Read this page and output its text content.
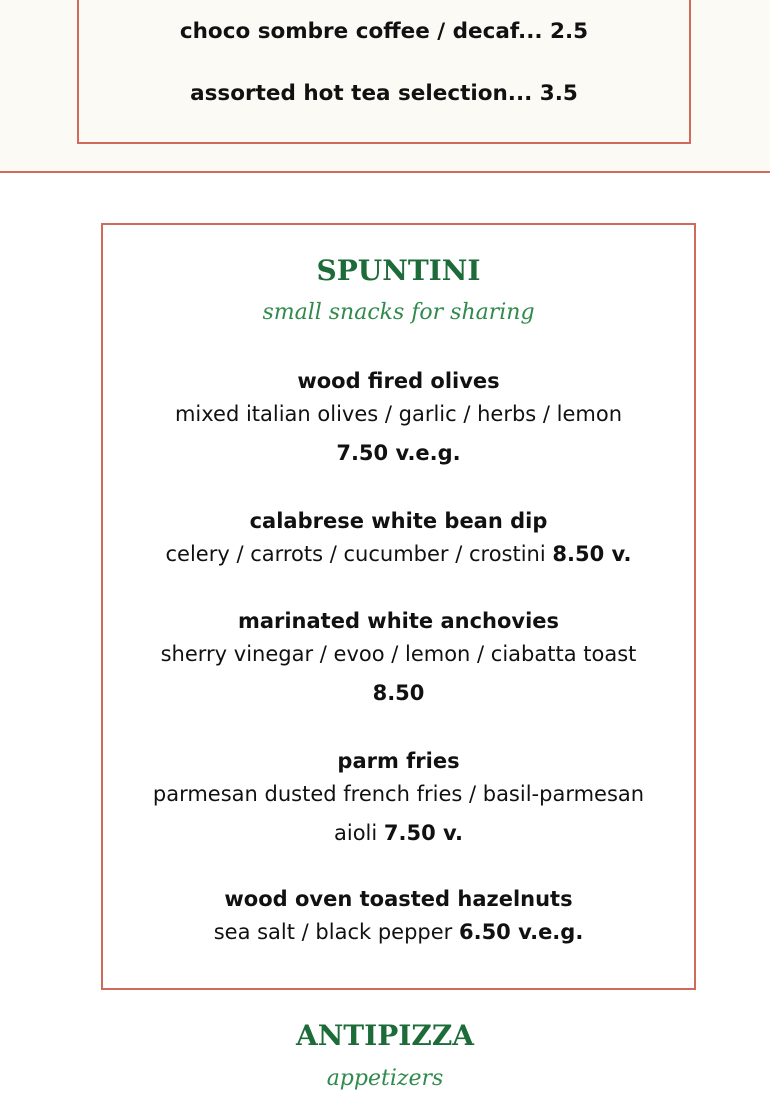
choco sombre coffee / decaf... 2.5
assorted hot tea selection... 3.5
SPUNTINI
small snacks for sharing
wood fired olives
mixed italian olives / garlic / herbs / lemon
7.50 v.e.g.
calabrese white bean dip
celery / carrots / cucumber / crostini 8.50 v.
marinated white anchovies
sherry vinegar / evoo / lemon / ciabatta toast
8.50
parm fries
parmesan dusted french fries / basil-parmesan
aioli 7.50 v.
wood oven toasted hazelnuts
sea salt / black pepper 6.50 v.e.g.
ANTIPIZZA
appetizers
